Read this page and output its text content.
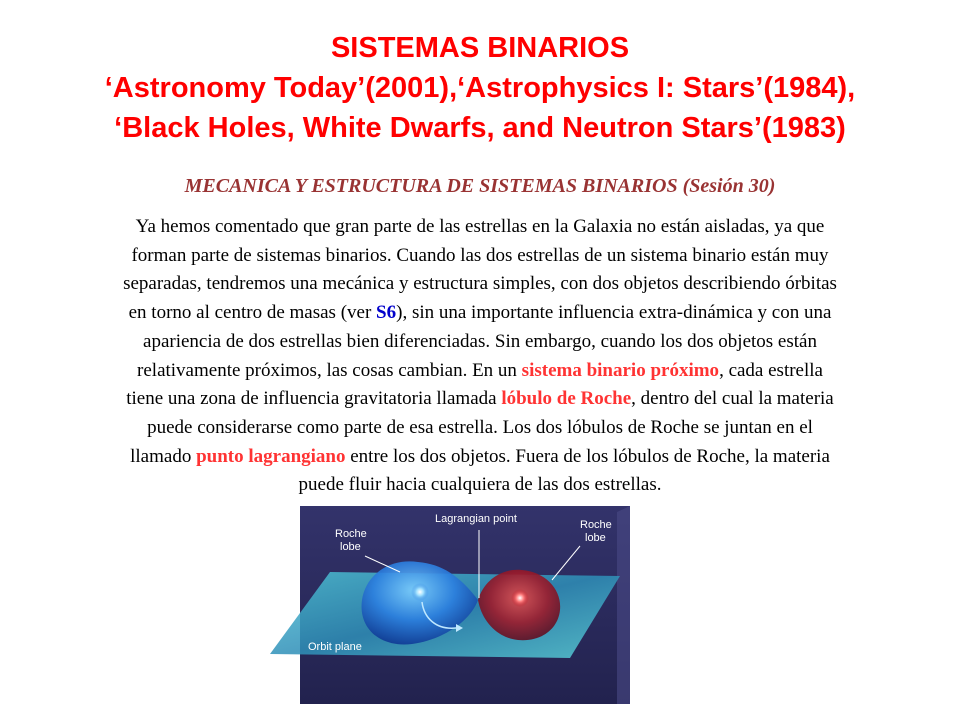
SISTEMAS BINARIOS
‘Astronomy Today’(2001),‘Astrophysics I: Stars’(1984),
‘Black Holes, White Dwarfs, and Neutron Stars’(1983)
MECANICA Y ESTRUCTURA DE SISTEMAS BINARIOS (Sesión 30)
Ya hemos comentado que gran parte de las estrellas en la Galaxia no están aisladas, ya que
forman parte de sistemas binarios. Cuando las dos estrellas de un sistema binario están muy
separadas, tendremos una mecánica y estructura simples, con dos objetos describiendo órbitas
en torno al centro de masas (ver S6), sin una importante influencia extra-dinámica y con una
apariencia de dos estrellas bien diferenciadas. Sin embargo, cuando los dos objetos están
relativamente próximos, las cosas cambian. En un sistema binario próximo, cada estrella
tiene una zona de influencia gravitatoria llamada lóbulo de Roche, dentro del cual la materia
puede considerarse como parte de esa estrella. Los dos lóbulos de Roche se juntan en el
llamado punto lagrangiano entre los dos objetos. Fuera de los lóbulos de Roche, la materia
puede fluir hacia cualquiera de las dos estrellas.
Roche
lobe
Lagrangian point	Roche
lobe
Orbit plane
